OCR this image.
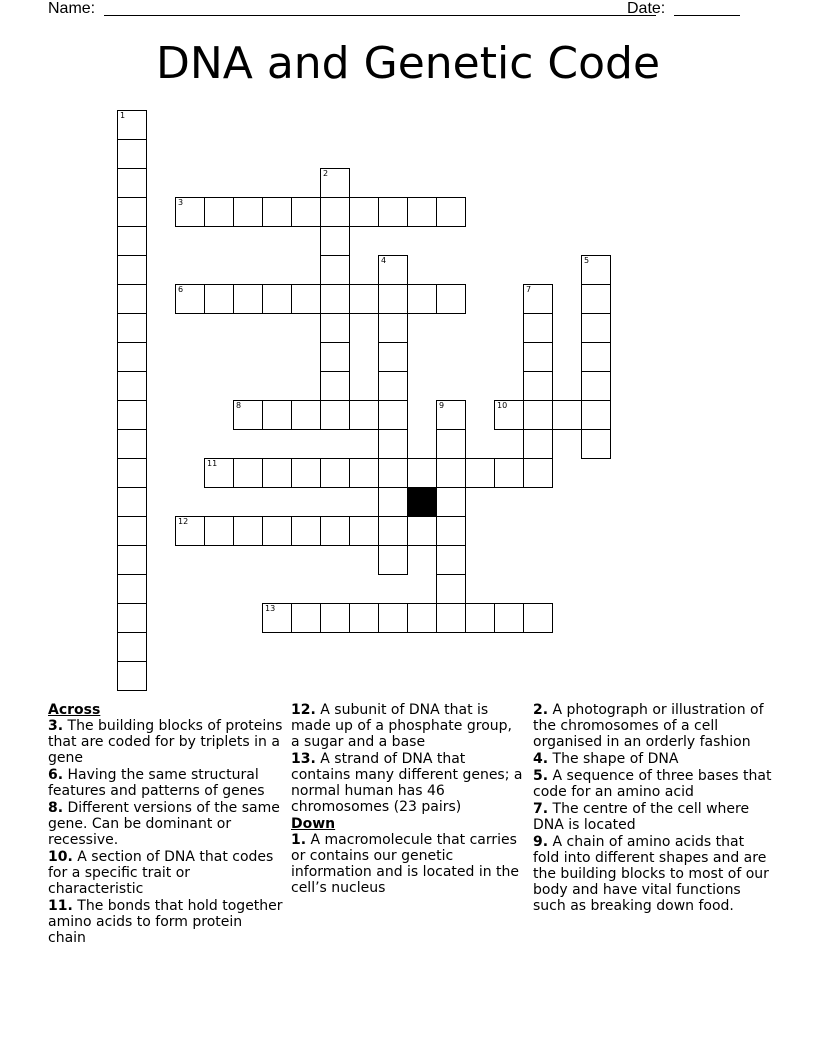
Name:	Date:
DNA and Genetic Code
1
2
3
4	5
6	7
8	9	10
11
12
13
Across
3. The building blocks of proteins that are coded for by triplets in a gene
6. Having the same structural features and patterns of genes
8. Different versions of the same gene. Can be dominant or recessive.
10. A section of DNA that codes for a specific trait or characteristic
11. The bonds that hold together amino acids to form protein chain
12. A subunit of DNA that is made up of a phosphate group, a sugar and a base
13. A strand of DNA that contains many different genes; a normal human has 46 chromosomes (23 pairs)
Down
1. A macromolecule that carries or contains our genetic information and is located in the cell’s nucleus
2. A photograph or illustration of the chromosomes of a cell organised in an orderly fashion
4. The shape of DNA
5. A sequence of three bases that code for an amino acid
7. The centre of the cell where DNA is located
9. A chain of amino acids that fold into different shapes and are the building blocks to most of our body and have vital functions such as breaking down food.
